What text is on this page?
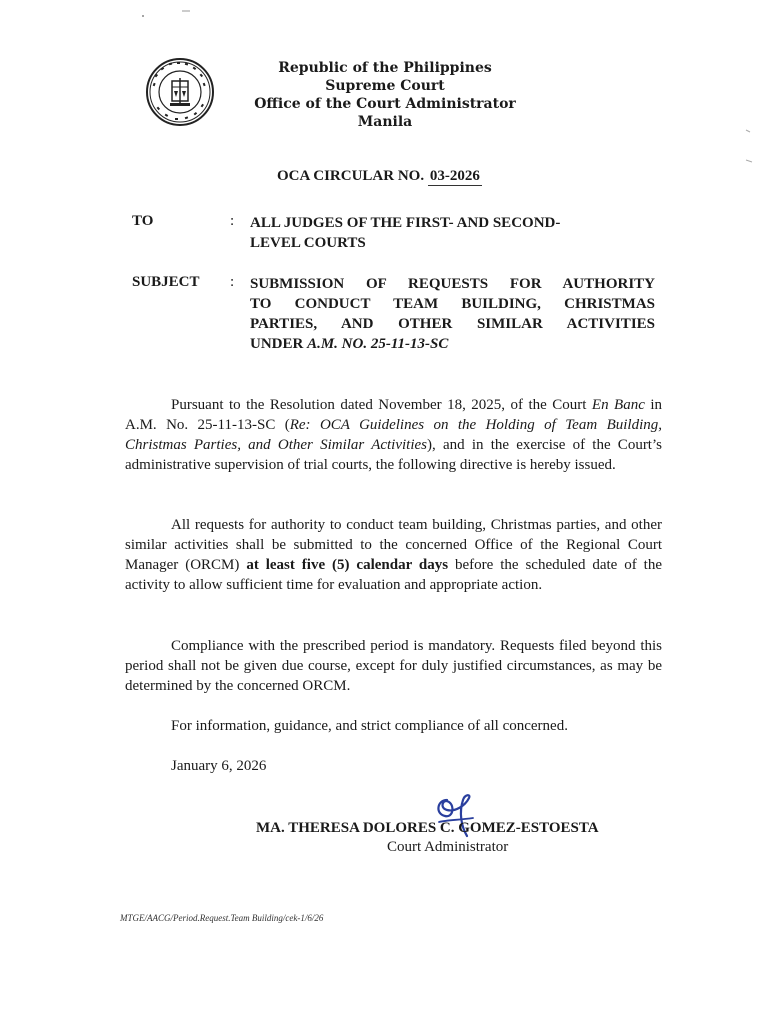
Republic of the Philippines
Supreme Court
Office of the Court Administrator
Manila
OCA CIRCULAR NO. 03-2026
TO	: ALL JUDGES OF THE FIRST- AND SECOND-
LEVEL COURTS
SUBJECT : SUBMISSION OF REQUESTS FOR AUTHORITY
TO CONDUCT TEAM BUILDING, CHRISTMAS
PARTIES, AND OTHER SIMILAR ACTIVITIES
UNDER A.M. NO. 25-11-13-SC

Pursuant to the Resolution dated November 18, 2025, of the Court En Banc in A.M. No. 25-11-13-SC (Re: OCA Guidelines on the Holding of Team Building, Christmas Parties, and Other Similar Activities), and in the exercise of the Court’s administrative supervision of trial courts, the following directive is hereby issued.

All requests for authority to conduct team building, Christmas parties, and other similar activities shall be submitted to the concerned Office of the Regional Court Manager (ORCM) at least five (5) calendar days before the scheduled date of the activity to allow sufficient time for evaluation and appropriate action.

Compliance with the prescribed period is mandatory. Requests filed beyond this period shall not be given due course, except for duly justified circumstances, as may be determined by the concerned ORCM.

For information, guidance, and strict compliance of all concerned.

January 6, 2026
MA. THERESA DOLORES C. GOMEZ-ESTOESTA
Court Administrator
MTGE/AACG/Period.Request.Team Building/cek-1/6/26
